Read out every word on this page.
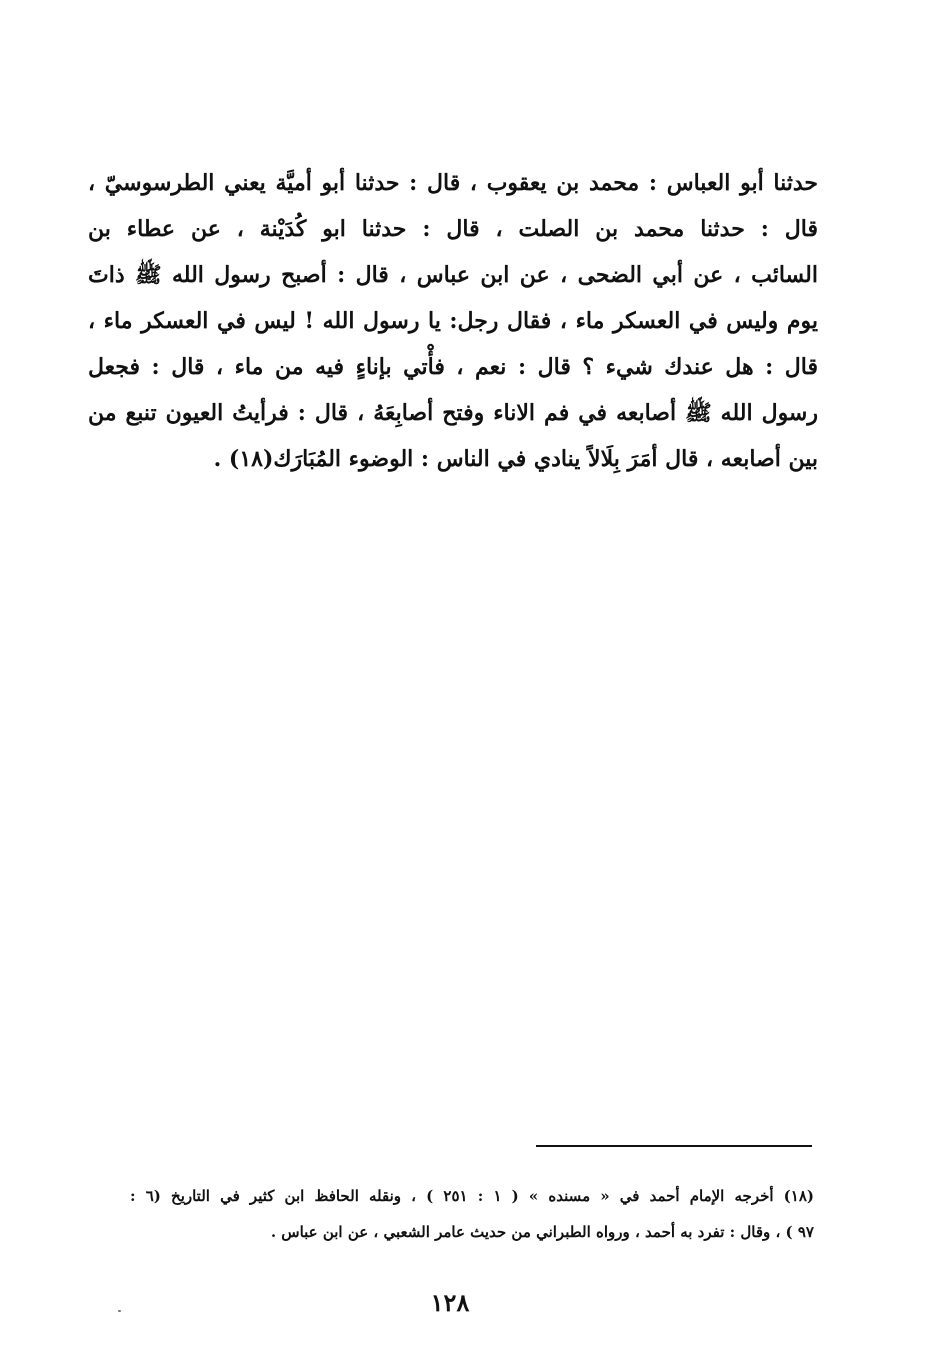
حدثنا أبو العباس : محمد بن يعقوب ، قال : حدثنا أبو أميَّة يعني الطرسوسيّ ،
قال : حدثنا محمد بن الصلت ، قال : حدثنا ابو كُدَيْنة ، عن عطاء بن
السائب ، عن أبي الضحى ، عن ابن عباس ، قال : أصبح رسول الله ﷺ ذاتَ
يوم وليس في العسكر ماء ، فقال رجل: يا رسول الله ! ليس في العسكر ماء ،
قال : هل عندك شيء ؟ قال : نعم ، فأْتي بإناءٍ فيه من ماء ، قال : فجعل
رسول الله ﷺ أصابعه في فم الاناء وفتح أصابِعَهُ ، قال : فرأيتُ العيون تنبع من
بين أصابعه ، قال أمَرَ بِلَالاً ينادي في الناس : الوضوء المُبَارَك(١٨) .
(١٨) أخرجه الإمام أحمد في « مسنده » ( ١ : ٢٥١ ) ، ونقله الحافظ ابن كثير في التاريخ (٦ :
٩٧ ) ، وقال : تفرد به أحمد ، ورواه الطبراني من حديث عامر الشعبي ، عن ابن عباس .
١٢٨
